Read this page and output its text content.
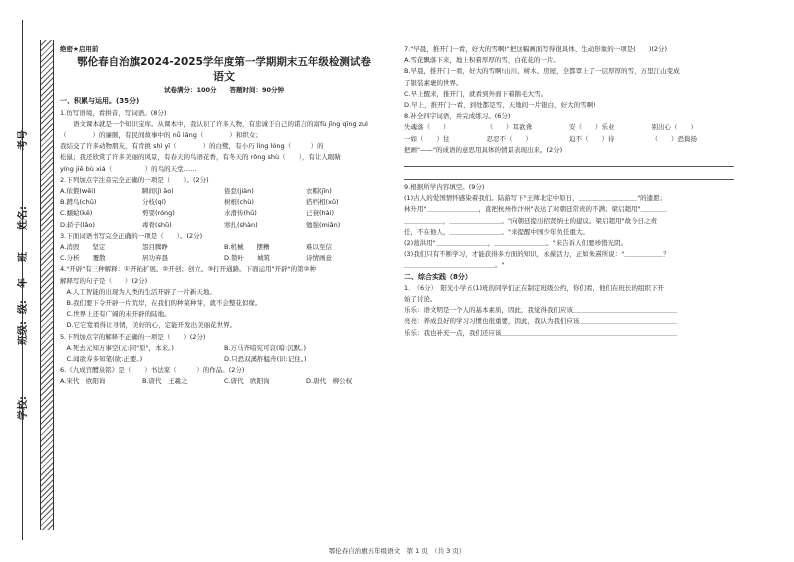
考号
姓名:
班
年
级:
班级:
学校:
绝密★启用前
鄂伦春自治旗2024-2025学年度第一学期期末五年级检测试卷
语文
试卷满分：100分　　答题时间：90分钟
一、积累与运用。(35分)
1.仿写语境，看拼音，写词语。(8分)
　　语文课本就是一个知识宝库。从课本中，我认识了许多人物，有忠诚于自己的诺言的富fù jīng qīng zuì（　　　　）的廉颇，有民间故事中的 nǚ lǎng（　　　　）和织女；
我结交了许多动物朋友，有肯挑 shì yī（　　　　）的白鹭，有小巧 líng lóng（　　　）的
松鼠；我还欣赏了许多美丽的风景，有春天的鸟语花香，有冬天的 rōng shù（　　），有让人眼睛
yíng jiē bù xiá（　　　　　）的鸟的天堂……
2.下列加点字注音完全正确的一项是（　　）。(2分)
A.依偎(wēi)	瞬间(jì ǎo)	倦怠(jiàn)	衣帽(jīn)
B.蹲鸟(chū)	分枝(qí)	树根(chù)	搭档相(xǔ)
C.蠕蛤(kē)	剪耍(róng)	水滑传(hū)	已衰(hài)
D.轿子(lǎo)	毒骨(shǔ)	寒扎(shàn)	勉强(miǎn)
3.下面词语书写完全正确的一项是（　　）。(2分)
A.消毁　　坚定	怨目腾睁	B.机械　　摆糟	难以至信
C.分析　　覆散	居功弃恳	D.赞叶　　城筑	诗情画意
4."开辟"有三种解释：①开拓扩展。②开创；创立。③打开通路。下面运用"开辟"的第②种
解释写的句子是（　　）(2分)
　A.人工智能的出现为人类的生活开辟了一片新天地。
　B.我们要下令开辟一片荒岸，在我们的种菜种芽，就不会整花似缘。
　C.世界上还有广阔的未开辟的陆地。
　D.它它宽看得让寻情，美好的心，定能开发出美丽花世界。
5.下列加点字的解释不正确的一项是（　　）(2分)
　A.死去元知万事空(元:同"原"，本来。)	B.万马齐喑究可哀(喑:沉默。)
　C.闻欲寿多知笔(欲:正要。)	D.只恐双溪舴艋舟(识:记住。)
6.《九成宫醴泉铭》是（　　）书法家（　　　）的作品。(2分)
A.宋代　欧阳询	B.唐代　王羲之	C.唐代　欧阳询	D.唐代　柳公权
7."早晨，推开门一看，好大的雪啊!"把这幅画面写得很具体、生动形象的一项是(　　)(2分)
A.雪花飘落下来，地上积着厚厚的雪，白花花的一片。
B.早晨，推开门一看，好大的雪啊!山川、树木、房屋，全都罩上了一层厚厚的雪，万里江山变成
了银装素裹的世界。
C.早上醒来，推开门，就看到外面下着鹅毛大雪。
D.早上，推开门一看，到处都是雪，天地间一片银白，好大的雪啊!
8.补全四字词语，并完成练习。(6分)
失魂落（　　）	（　　）耳欲聋	安（　　）乐业	别出心（　　）
一如（　　）往	忍忍不（　　）	迫不（　　）待	（　　）恐捣扬
把画"——"的成语的意思用具体的情景表现出来。(2分)
9.根据所学内容填空。(9分)
(1)古人的爱国情怀感染着我们。陆游写下"王师北定中原日，＿＿＿＿＿＿＿＿＿"的遗愿；
林升用"＿＿＿＿＿＿＿＿，直把杭州作汴州"表达了对朝廷常贵的不满；梁启超用"＿＿＿＿
＿＿＿＿＿＿，＿＿＿＿＿＿＿＿。"向朝廷提出招贤纳士的建议。梁启超用"故今日之责
任，不在他人，＿＿＿＿＿＿＿＿。"来提醒中国少年负任重大。
(2)葛洪用"＿＿＿＿＿＿＿＿，＿＿＿＿＿＿＿＿。"来告诉人们要珍惜光阴。
(3)我们只有不断学习，才能获得多方面的知识，永葆活力，正如朱熹所说："＿＿＿＿＿＿？
＿＿＿＿＿＿＿＿＿＿＿＿＿＿。"
二、综合实践（8分）
1.　（6分）　阳光小学五(1)班的同学们正在制定班级公约，你们看，他们在班长的组织下开
始了讨论。
乐乐：语文明是一个人的基本素质，因此，我觉得我们应该＿＿＿＿＿＿＿＿＿＿＿＿＿＿＿＿
亮亮：养成良好的学习习惯也很重要，因此，我认为我们应该＿＿＿＿＿＿＿＿＿＿＿＿＿＿＿
乐乐：我也补充一点，我们还应该＿＿＿＿＿＿＿＿＿＿＿＿＿＿＿＿＿＿＿＿＿＿＿＿＿＿＿
鄂伦春自治旗五年级语文　第 1 页　（共 3 页）
